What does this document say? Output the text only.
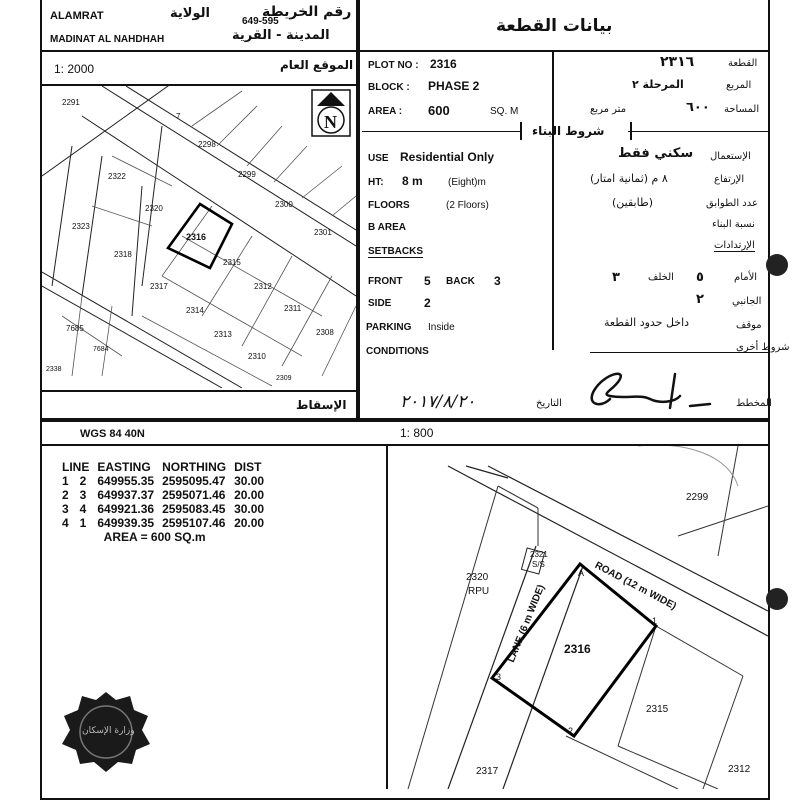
ALAMRAT	الولاية
649-595
رقم الخريطة
MADINAT AL NAHDHAH	المدينة - القرية	بيانات القطعة
1: 2000	الموقع العام
N
2291
7
2298
2299
2322
2320	2300
2323
2316	2301
2318
2315
2317	2312
2314	2311
2308
2313
2310
7685
7684
2338
2309
الإسقاط
PLOT NO : 2316	٢٣١٦	القطعة
BLOCK : PHASE 2	المرحلة ٢	المربع
AREA : 600	SQ. M	متر مربع	٦٠٠ المساحة
شروط البناء
USE Residential Only	سكني فقط الإستعمال
HT: 8 m	(Eight)m	٨ م (ثمانية امتار)	الإرتفاع
FLOORS	(2 Floors)	(طابقين)	عدد الطوابق
B AREA	نسبة البناء
SETBACKS
الإرتدادات
FRONT 5 BACK 3	٣	الخلف ٥	الأمام
SIDE	2	٢	الجانبي
PARKING Inside	داخل حدود القطعة	موقف
CONDITIONS	شروط أخرى
٢٠١٧/٨/٢٠	التاريخ	المخطط
WGS 84 40N	1: 800
LINE		EASTING	NORTHING	DIST
1	2	649955.35	2595095.47	30.00
2	3	649937.37	2595071.46	20.00
3	4	649921.36	2595083.45	30.00
4	1	649939.35	2595107.46	20.00
	AREA = 600 SQ.m			
وزارة الإسكان
2299
2320
RPU
2321
S/S
2316
2315
2317	2312
ROAD (12 m WIDE)
LANE (6 m WIDE)	1
2
3
A
